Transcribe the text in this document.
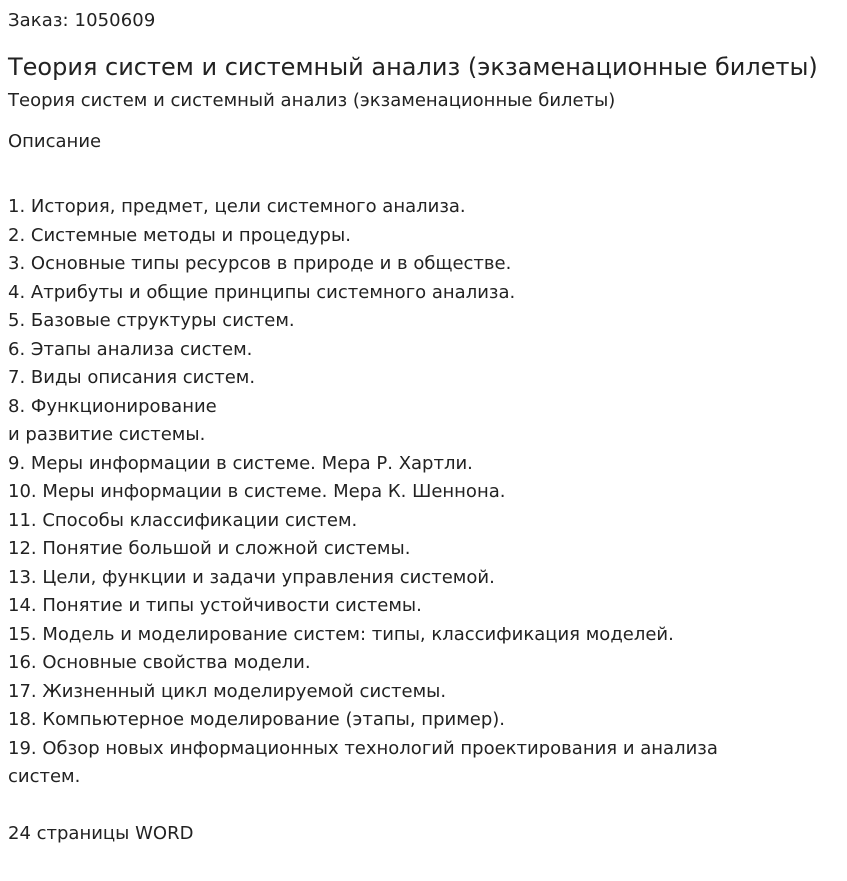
Заказ: 1050609
Теория систем и системный анализ (экзаменационные билеты)
Теория систем и системный анализ (экзаменационные билеты)
Описание
1. История, предмет, цели системного анализа.
2. Системные методы и процедуры.
3. Основные типы ресурсов в природе и в обществе.
4. Атрибуты и общие принципы системного анализа.
5. Базовые структуры систем.
6. Этапы анализа систем.
7. Виды описания систем.
8. Функционирование
и развитие системы.
9. Меры информации в системе. Мера Р. Хартли.
10. Меры информации в системе. Мера К. Шеннона.
11. Способы классификации систем.
12. Понятие большой и сложной системы.
13. Цели, функции и задачи управления системой.
14. Понятие и типы устойчивости системы.
15. Модель и моделирование систем: типы, классификация моделей.
16. Основные свойства модели.
17. Жизненный цикл моделируемой системы.
18. Компьютерное моделирование (этапы, пример).
19. Обзор новых информационных технологий проектирования и анализа
систем.
24 страницы WORD
